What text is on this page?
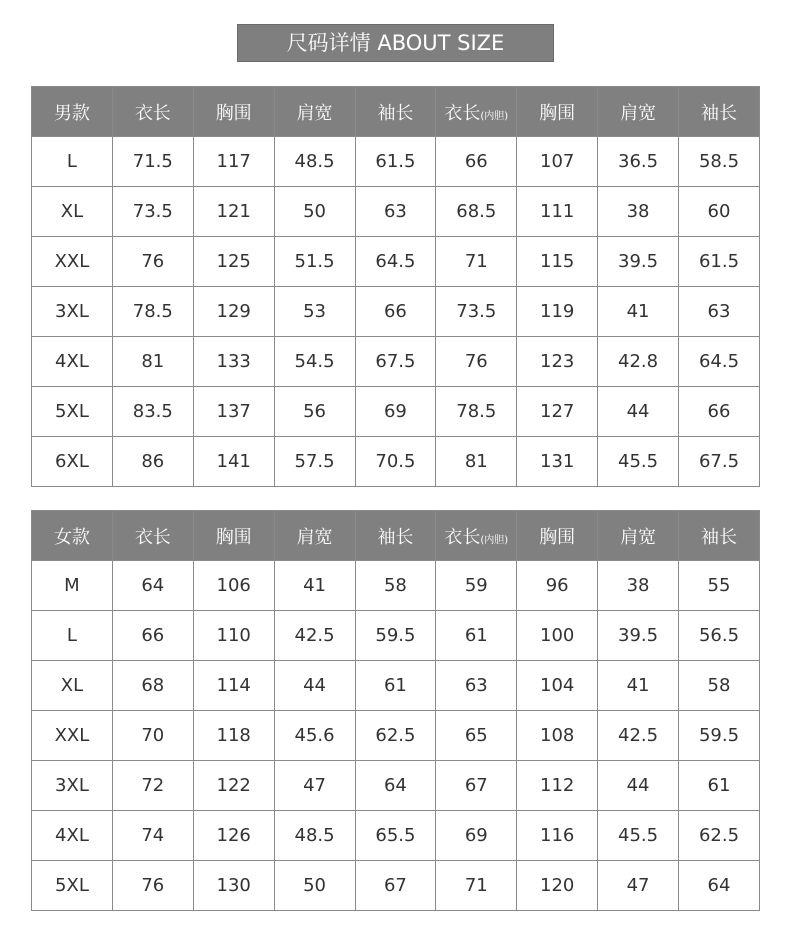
尺码详情 ABOUT SIZE
男款	衣长	胸围	肩宽	袖长	衣长(内胆)	胸围	肩宽	袖长
L	71.5	117	48.5	61.5	66	107	36.5	58.5
XL	73.5	121	50	63	68.5	111	38	60
XXL	76	125	51.5	64.5	71	115	39.5	61.5
3XL	78.5	129	53	66	73.5	119	41	63
4XL	81	133	54.5	67.5	76	123	42.8	64.5
5XL	83.5	137	56	69	78.5	127	44	66
6XL	86	141	57.5	70.5	81	131	45.5	67.5
女款	衣长	胸围	肩宽	袖长	衣长(内胆)	胸围	肩宽	袖长
M	64	106	41	58	59	96	38	55
L	66	110	42.5	59.5	61	100	39.5	56.5
XL	68	114	44	61	63	104	41	58
XXL	70	118	45.6	62.5	65	108	42.5	59.5
3XL	72	122	47	64	67	112	44	61
4XL	74	126	48.5	65.5	69	116	45.5	62.5
5XL	76	130	50	67	71	120	47	64
